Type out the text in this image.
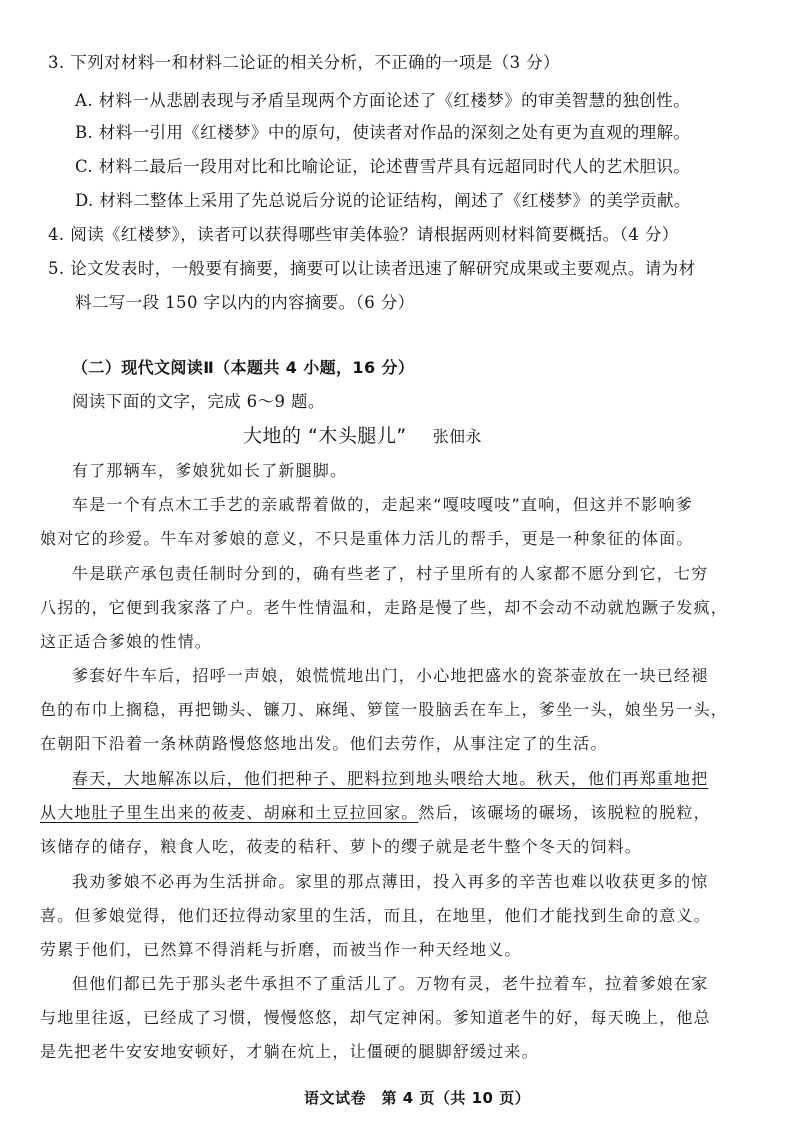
3. 下列对材料一和材料二论证的相关分析，不正确的一项是（3 分）
A. 材料一从悲剧表现与矛盾呈现两个方面论述了《红楼梦》的审美智慧的独创性。
B. 材料一引用《红楼梦》中的原句，使读者对作品的深刻之处有更为直观的理解。
C. 材料二最后一段用对比和比喻论证，论述曹雪芹具有远超同时代人的艺术胆识。
D. 材料二整体上采用了先总说后分说的论证结构，阐述了《红楼梦》的美学贡献。
4. 阅读《红楼梦》，读者可以获得哪些审美体验？请根据两则材料简要概括。（4 分）
5. 论文发表时，一般要有摘要，摘要可以让读者迅速了解研究成果或主要观点。请为材
料二写一段 150 字以内的内容摘要。（6 分）
（二）现代文阅读Ⅱ（本题共 4 小题，16 分）
阅读下面的文字，完成 6～9 题。
大地的 “木头腿儿” 张佃永
有了那辆车，爹娘犹如长了新腿脚。
车是一个有点木工手艺的亲戚帮着做的，走起来“嘎吱嘎吱”直响，但这并不影响爹
娘对它的珍爱。牛车对爹娘的意义，不只是重体力活儿的帮手，更是一种象征的体面。
牛是联产承包责任制时分到的，确有些老了，村子里所有的人家都不愿分到它，七穷
八拐的，它便到我家落了户。老牛性情温和，走路是慢了些，却不会动不动就尥蹶子发疯，
这正适合爹娘的性情。
爹套好牛车后，招呼一声娘，娘慌慌地出门，小心地把盛水的瓷茶壶放在一块已经褪
色的布巾上搁稳，再把锄头、镰刀、麻绳、箩筐一股脑丢在车上，爹坐一头，娘坐另一头，
在朝阳下沿着一条林荫路慢悠悠地出发。他们去劳作，从事注定了的生活。
春天，大地解冻以后，他们把种子、肥料拉到地头喂给大地。秋天，他们再郑重地把
从大地肚子里生出来的莜麦、胡麻和土豆拉回家。然后，该碾场的碾场，该脱粒的脱粒，
该储存的储存，粮食人吃，莜麦的秸秆、萝卜的缨子就是老牛整个冬天的饲料。
我劝爹娘不必再为生活拼命。家里的那点薄田，投入再多的辛苦也难以收获更多的惊
喜。但爹娘觉得，他们还拉得动家里的生活，而且，在地里，他们才能找到生命的意义。
劳累于他们，已然算不得消耗与折磨，而被当作一种天经地义。
但他们都已先于那头老牛承担不了重活儿了。万物有灵，老牛拉着车，拉着爹娘在家
与地里往返，已经成了习惯，慢慢悠悠，却气定神闲。爹知道老牛的好，每天晚上，他总
是先把老牛安安地安顿好，才躺在炕上，让僵硬的腿脚舒缓过来。
语文试卷　第 4 页（共 10 页）
